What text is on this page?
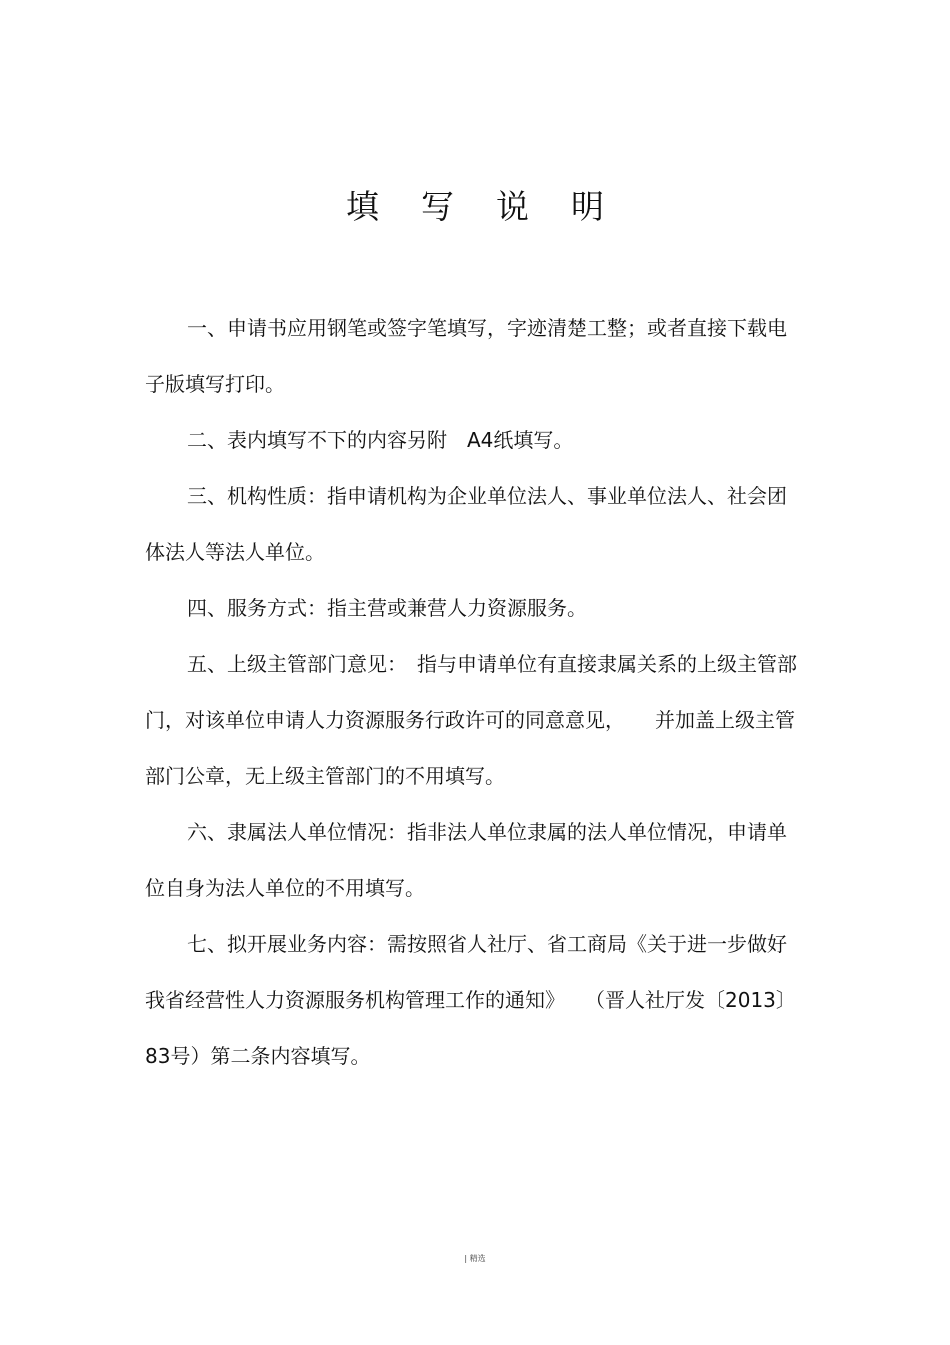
填写说明

一、申请书应用钢笔或签字笔填写，字迹清楚工整；或者直接下载电子版填写打印。

二、表内填写不下的内容另附　A4纸填写。

三、机构性质：指申请机构为企业单位法人、事业单位法人、社会团体法人等法人单位。

四、服务方式：指主营或兼营人力资源服务。

五、上级主管部门意见：　指与申请单位有直接隶属关系的上级主管部门，对该单位申请人力资源服务行政许可的同意意见，　　并加盖上级主管部门公章，无上级主管部门的不用填写。

六、隶属法人单位情况：指非法人单位隶属的法人单位情况，申请单位自身为法人单位的不用填写。

七、拟开展业务内容：需按照省人社厅、省工商局《关于进一步做好我省经营性人力资源服务机构管理工作的通知》　　（晋人社厅发〔2013〕83号）第二条内容填写。

| 精选
